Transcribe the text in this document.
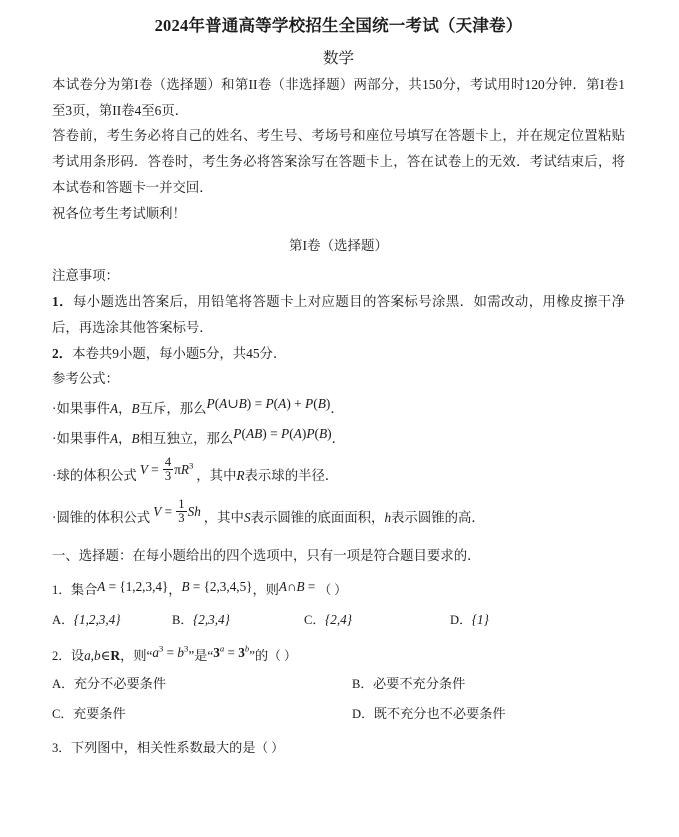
2024年普通高等学校招生全国统一考试（天津卷）
数学

本试卷分为第I卷（选择题）和第II卷（非选择题）两部分，共150分，考试用时120分钟．第I卷1至3页，第II卷4至6页．

答卷前，考生务必将自己的姓名、考生号、考场号和座位号填写在答题卡上，并在规定位置粘贴考试用条形码．答卷时，考生务必将答案涂写在答题卡上，答在试卷上的无效．考试结束后，将本试卷和答题卡一并交回．

祝各位考生考试顺利！

第I卷（选择题）

注意事项：

1．每小题选出答案后，用铅笔将答题卡上对应题目的答案标号涂黑．如需改动，用橡皮擦干净后，再选涂其他答案标号．

2．本卷共9小题，每小题5分，共45分．

参考公式：

·如果事件A，B互斥，那么P(A∪B) = P(A) + P(B)．

·如果事件A，B相互独立，那么P(AB) = P(A)P(B)．

·球的体积公式 $V = \frac{4}{3} \pi R^3$，其中R表示球的半径．

·圆锥的体积公式 $V = \frac{1}{3}$ Sh ，其中S表示圆锥的底面面积，h表示圆锥的高．

一、选择题：在每小题给出的四个选项中，只有一项是符合题目要求的．

1．集合A = {1,2,3,4}，B = {2,3,4,5}，则A∩B = （ ）

A．{1,2,3,4}	B．{2,3,4}	C．{2,4}	D．{1}

2．设a,b∈R，则“$a^3 = b^3$”是“$3^a = 3^b$”的（ ）

A．充分不必要条件	B．必要不充分条件
C．充要条件	D．既不充分也不必要条件

3．下列图中，相关性系数最大的是（ ）
